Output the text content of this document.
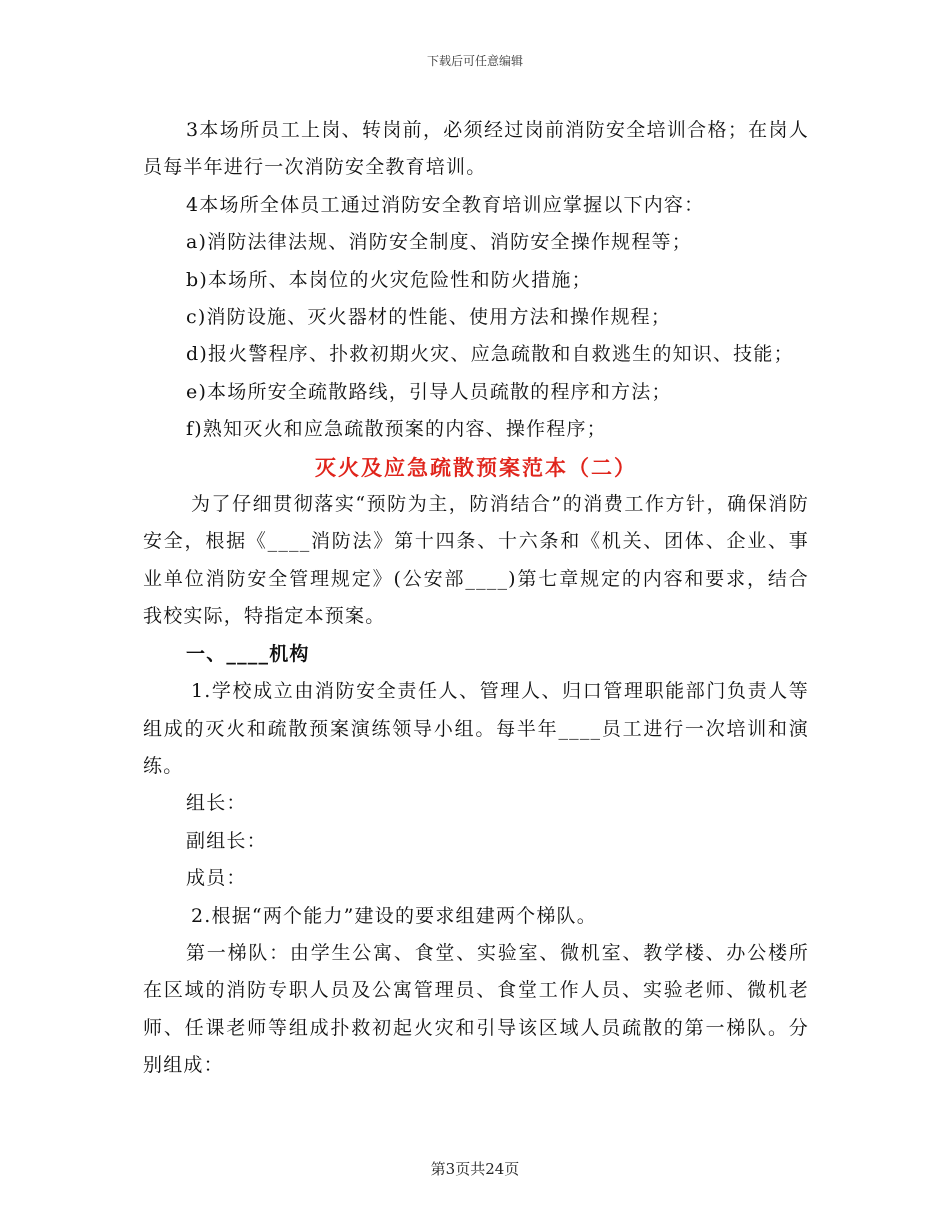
下载后可任意编辑

3本场所员工上岗、转岗前，必须经过岗前消防安全培训合格；在岗人员每半年进行一次消防安全教育培训。

4本场所全体员工通过消防安全教育培训应掌握以下内容：

a)消防法律法规、消防安全制度、消防安全操作规程等；

b)本场所、本岗位的火灾危险性和防火措施；

c)消防设施、灭火器材的性能、使用方法和操作规程；

d)报火警程序、扑救初期火灾、应急疏散和自救逃生的知识、技能；

e)本场所安全疏散路线，引导人员疏散的程序和方法；

f)熟知灭火和应急疏散预案的内容、操作程序；

灭火及应急疏散预案范本（二）

为了仔细贯彻落实“预防为主，防消结合”的消费工作方针，确保消防安全，根据《____消防法》第十四条、十六条和《机关、团体、企业、事业单位消防安全管理规定》(公安部____)第七章规定的内容和要求，结合我校实际，特指定本预案。

一、____机构

1.学校成立由消防安全责任人、管理人、归口管理职能部门负责人等组成的灭火和疏散预案演练领导小组。每半年____员工进行一次培训和演练。

组长：

副组长：

成员：

2.根据“两个能力”建设的要求组建两个梯队。

第一梯队：由学生公寓、食堂、实验室、微机室、教学楼、办公楼所在区域的消防专职人员及公寓管理员、食堂工作人员、实验老师、微机老师、任课老师等组成扑救初起火灾和引导该区域人员疏散的第一梯队。分别组成：

第3页共24页
